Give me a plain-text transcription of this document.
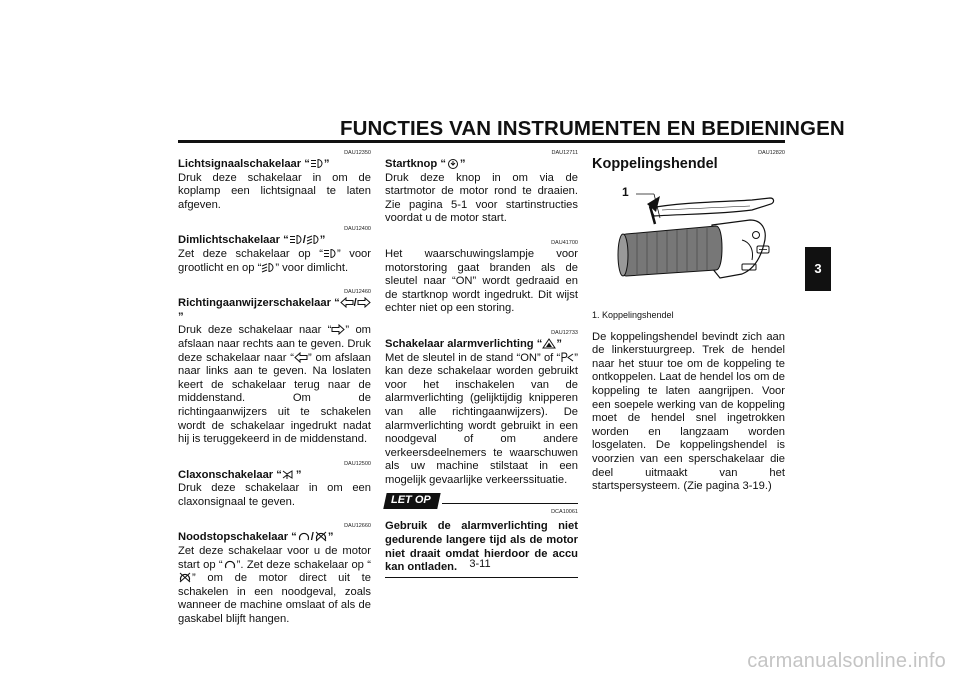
FUNCTIES VAN INSTRUMENTEN EN BEDIENINGEN
DAU12350
Lichtsignaalschakelaar “ ”

Druk deze schakelaar in om de koplamp een lichtsignaal te laten afgeven.

DAU12400
Dimlichtschakelaar “ / ”

Zet deze schakelaar op “ ” voor grootlicht en op “ ” voor dimlicht.

DAU12460
Richtingaanwijzerschakelaar “ /”

Druk deze schakelaar naar “ ” om afslaan naar rechts aan te geven. Druk deze schakelaar naar “ ” om afslaan naar links aan te geven. Na loslaten keert de schakelaar terug naar de middenstand. Om de richtingaanwijzers uit te schakelen wordt de schakelaar ingedrukt nadat hij is teruggekeerd in de middenstand.

DAU12500
Claxonschakelaar “ ”

Druk deze schakelaar in om een claxonsignaal te geven.

DAU12660
Noodstopschakelaar “ / ”

Zet deze schakelaar voor u de motor start op “ ”. Zet deze schakelaar op “” om de motor direct uit te schakelen in een noodgeval, zoals wanneer de machine omslaat of als de gaskabel blijft hangen.

DAU12711
Startknop “ ”

Druk deze knop in om via de startmotor de motor rond te draaien. Zie pagina 5-1 voor startinstructies voordat u de motor start.

DAU41700

Het waarschuwingslampje voor motorstoring gaat branden als de sleutel naar “ON” wordt gedraaid en de startknop wordt ingedrukt. Dit wijst echter niet op een storing.

DAU12733
Schakelaar alarmverlichting “ ”

Met de sleutel in de stand “ON” of “ ” kan deze schakelaar worden gebruikt voor het inschakelen van de alarmverlichting (gelijktijdig knipperen van alle richtingaanwijzers). De alarmverlichting wordt gebruikt in een noodgeval of om andere verkeersdeelnemers te waarschuwen als uw machine stilstaat in een mogelijk gevaarlijke verkeerssituatie.

LET OP
DCA10061
Gebruik de alarmverlichting niet gedurende langere tijd als de motor niet draait omdat hierdoor de accu kan ontladen.
DAU12820
Koppelingshendel
1
1. Koppelingshendel

De koppelingshendel bevindt zich aan de linkerstuurgreep. Trek de hendel naar het stuur toe om de koppeling te ontkoppelen. Laat de hendel los om de koppeling te laten aangrijpen. Voor een soepele werking van de koppeling moet de hendel snel ingetrokken worden en langzaam worden losgelaten. De koppelingshendel is voorzien van een sperschakelaar die deel uitmaakt van het startspersysteem. (Zie pagina 3-19.)

3
3-11
carmanualsonline.info
